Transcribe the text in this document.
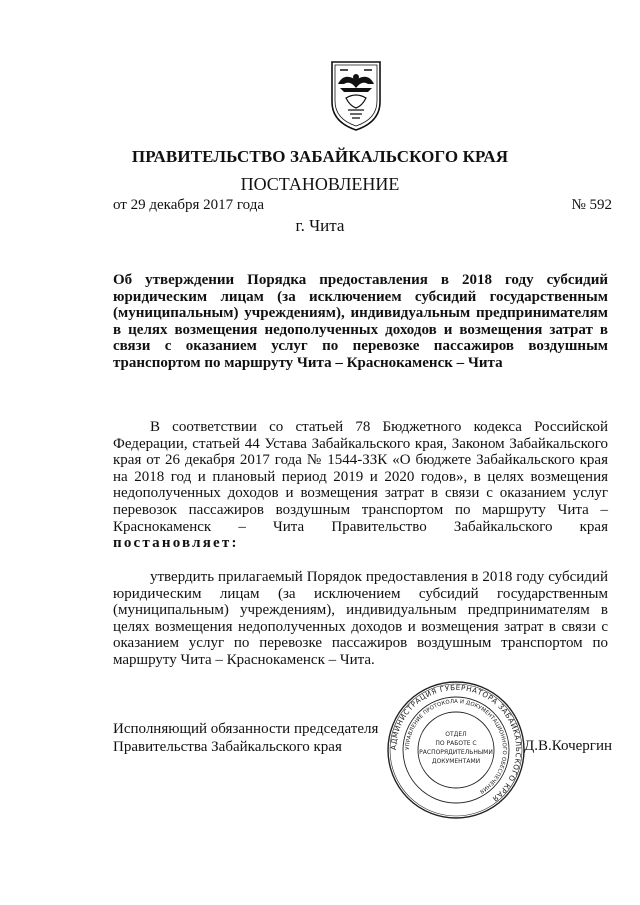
ПРАВИТЕЛЬСТВО ЗАБАЙКАЛЬСКОГО КРАЯ
ПОСТАНОВЛЕНИЕ
от 29 декабря 2017 года	№ 592
г. Чита
Об утверждении Порядка предоставления в 2018 году субсидий
юридическим лицам (за исключением субсидий государственным
(муниципальным) учреждениям), индивидуальным предпринимателям
в целях возмещения недополученных доходов и возмещения затрат в
связи с оказанием услуг по перевозке пассажиров воздушным
транспортом по маршруту Чита – Краснокаменск – Чита
В соответствии со статьей 78 Бюджетного кодекса Российской
Федерации, статьей 44 Устава Забайкальского края, Законом Забайкальского
края от 26 декабря 2017 года № 1544-ЗЗК «О бюджете Забайкальского края
на 2018 год и плановый период 2019 и 2020 годов», в целях возмещения
недополученных доходов и возмещения затрат в связи с оказанием услуг
перевозок пассажиров воздушным транспортом по маршруту Чита –
Краснокаменск – Чита Правительство Забайкальского края
постановляет:
утвердить прилагаемый Порядок предоставления в 2018 году субсидий
юридическим лицам (за исключением субсидий государственным
(муниципальным) учреждениям), индивидуальным предпринимателям в
целях возмещения недополученных доходов и возмещения затрат в связи с
оказанием услуг по перевозке пассажиров воздушным транспортом по
маршруту Чита – Краснокаменск – Чита.
Исполняющий обязанности председателя
Правительства Забайкальского края	Д.В.Кочергин
АДМИНИСТРАЦИЯ ГУБЕРНАТОРА ЗАБАЙКАЛЬСКОГО КРАЯ
УПРАВЛЕНИЕ ПРОТОКОЛА И ДОКУМЕНТАЦИОННОГО ОБЕСПЕЧЕНИЯ
ОТДЕЛ
ПО РАБОТЕ С
РАСПОРЯДИТЕЛЬНЫМИ
ДОКУМЕНТАМИ
